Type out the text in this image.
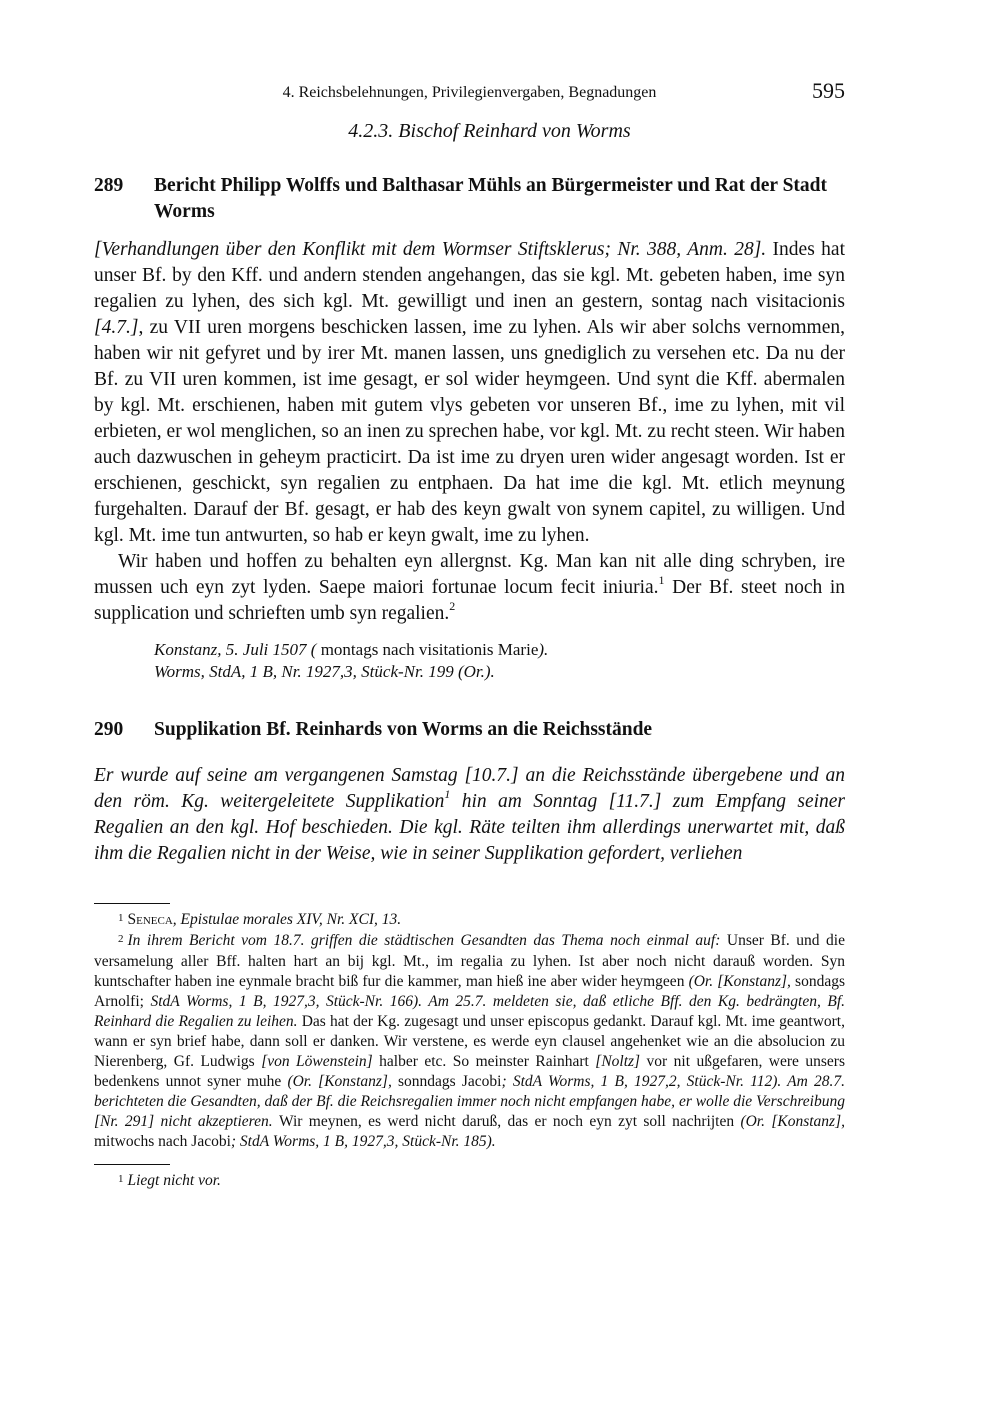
4. Reichsbelehnungen, Privilegienvergaben, Begnadungen	595
4.2.3. Bischof Reinhard von Worms
289	Bericht Philipp Wolffs und Balthasar Mühls an Bürgermeister und Rat der Stadt Worms

[Verhandlungen über den Konflikt mit dem Wormser Stiftsklerus; Nr. 388, Anm. 28]. Indes hat unser Bf. by den Kff. und andern stenden angehangen, das sie kgl. Mt. gebeten haben, ime syn regalien zu lyhen, des sich kgl. Mt. gewilligt und inen an gestern, sontag nach visitacionis [4.7.], zu VII uren morgens beschicken lassen, ime zu lyhen. Als wir aber solchs vernommen, haben wir nit gefyret und by irer Mt. manen lassen, uns gnediglich zu versehen etc. Da nu der Bf. zu VII uren kommen, ist ime gesagt, er sol wider heymgeen. Und synt die Kff. abermalen by kgl. Mt. erschienen, haben mit gutem vlys gebeten vor unseren Bf., ime zu lyhen, mit vil erbieten, er wol menglichen, so an inen zu sprechen habe, vor kgl. Mt. zu recht steen. Wir haben auch dazwuschen in geheym practicirt. Da ist ime zu dryen uren wider angesagt worden. Ist er erschienen, geschickt, syn regalien zu entphaen. Da hat ime die kgl. Mt. etlich meynung furgehalten. Darauf der Bf. gesagt, er hab des keyn gwalt von synem capitel, zu willigen. Und kgl. Mt. ime tun antwurten, so hab er keyn gwalt, ime zu lyhen.

Wir haben und hoffen zu behalten eyn allergnst. Kg. Man kan nit alle ding schryben, ire mussen uch eyn zyt lyden. Saepe maiori fortunae locum fecit iniuria.$^1$ Der Bf. steet noch in supplication und schrieften umb syn regalien.$^2$

Konstanz, 5. Juli 1507 ( montags nach visitationis Marie).
Worms, StdA, 1 B, Nr. 1927,3, Stück-Nr. 199 (Or.).
290	Supplikation Bf. Reinhards von Worms an die Reichsstände
Er wurde auf seine am vergangenen Samstag [10.7.] an die Reichsstände übergebene und an den röm. Kg. weitergeleitete Supplikation$^1$ hin am Sonntag [11.7.] zum Empfang seiner Regalien an den kgl. Hof beschieden. Die kgl. Räte teilten ihm allerdings unerwartet mit, daß ihm die Regalien nicht in der Weise, wie in seiner Supplikation gefordert, verliehen

1 Seneca, Epistulae morales XIV, Nr. XCI, 13.

2 In ihrem Bericht vom 18.7. griffen die städtischen Gesandten das Thema noch einmal auf: Unser Bf. und die versamelung aller Bff. halten hart an bij kgl. Mt., im regalia zu lyhen. Ist aber noch nicht darauß worden. Syn kuntschafter haben ine eynmale bracht biß fur die kammer, man hieß ine aber wider heymgeen (Or. [Konstanz], sondags Arnolfi; StdA Worms, 1 B, 1927,3, Stück-Nr. 166). Am 25.7. meldeten sie, daß etliche Bff. den Kg. bedrängten, Bf. Reinhard die Regalien zu leihen. Das hat der Kg. zugesagt und unser episcopus gedankt. Darauf kgl. Mt. ime geantwort, wann er syn brief habe, dann soll er danken. Wir verstene, es werde eyn clausel angehenket wie an die absolucion zu Nierenberg, Gf. Ludwigs [von Löwenstein] halber etc. So meinster Rainhart [Noltz] vor nit ußgefaren, were unsers bedenkens unnot syner muhe (Or. [Konstanz], sonndags Jacobi; StdA Worms, 1 B, 1927,2, Stück-Nr. 112). Am 28.7. berichteten die Gesandten, daß der Bf. die Reichsregalien immer noch nicht empfangen habe, er wolle die Verschreibung [Nr. 291] nicht akzeptieren. Wir meynen, es werd nicht daruß, das er noch eyn zyt soll nachrijten (Or. [Konstanz], mitwochs nach Jacobi; StdA Worms, 1 B, 1927,3, Stück-Nr. 185).

1 Liegt nicht vor.
